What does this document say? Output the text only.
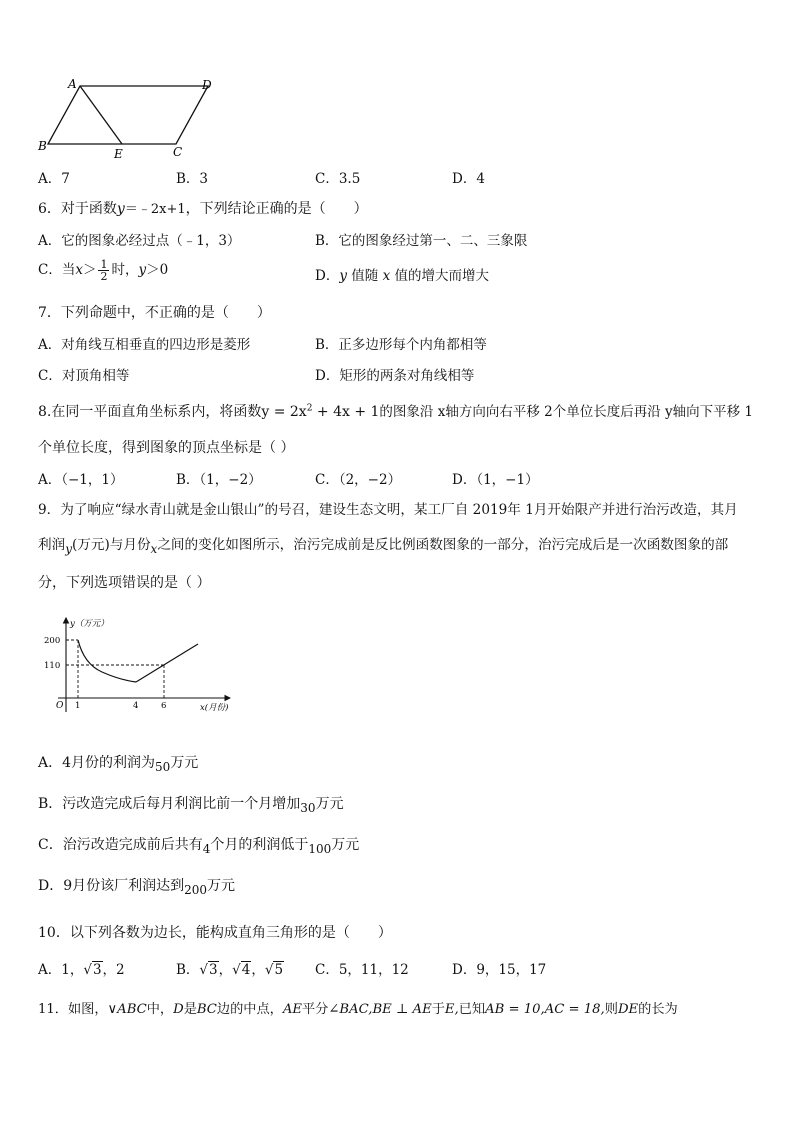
A	D
B
E	C
A．7	B．3	C．3.5	D．4
6．对于函数y＝﹣2x+1，下列结论正确的是（　　）
A．它的图象必经过点（﹣1，3）	B．它的图象经过第一、二、三象限
C．当$x> \frac{1}{2}$ 时，y＞0	D．y 值随 x 值的增大而增大
7．下列命题中，不正确的是（　　）
A．对角线互相垂直的四边形是菱形	B．正多边形每个内角都相等
C．对顶角相等	D．矩形的两条对角线相等
8.在同一平面直角坐标系内，将函数$y = 2x^2 + 4x + 1$的图象沿 x轴方向向右平移 2个单位长度后再沿 y轴向下平移 1
个单位长度，得到图象的顶点坐标是（ ）
A．（−1，1）	B．（1，−2）	C．（2，−2）	D．（1，−1）
9．为了响应“绿水青山就是金山银山”的号召，建设生态文明，某工厂自 2019年 1月开始限产并进行治污改造，其月
利润y(万元)与月份x之间的变化如图所示，治污完成前是反比例函数图象的一部分，治污完成后是一次函数图象的部
分，下列选项错误的是（ ）
y（万元）
x(月份)
O
200
110
1	4	6
A．4月份的利润为50万元
B．污改造完成后每月利润比前一个月增加30万元
C．治污改造完成前后共有4个月的利润低于100万元
D．9月份该厂利润达到200万元
10．以下列各数为边长，能构成直角三角形的是（　　）
A．1，√3，2	B．√3，√4，√5 C．5，11，12	D．9，15，17
11．如图，∨ABC中，D是BC边的中点，AE平分∠BAC,BE ⊥ AE于E,已知AB = 10,AC = 18,则DE的长为
